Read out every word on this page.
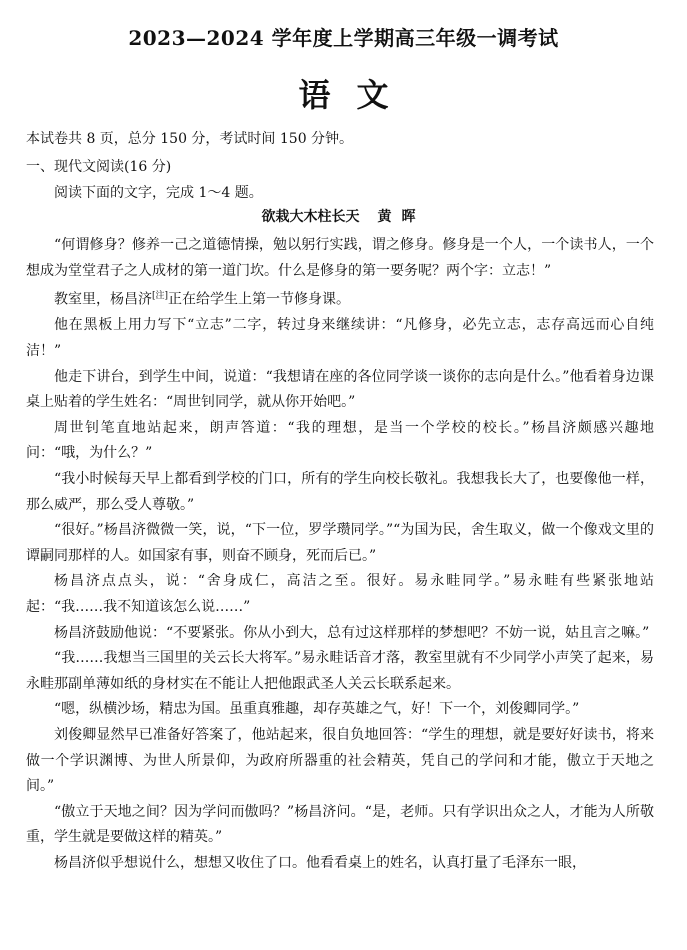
2023—2024 学年度上学期高三年级一调考试
语文
本试卷共 8 页，总分 150 分，考试时间 150 分钟。
一、现代文阅读(16 分)
阅读下面的文字，完成 1～4 题。
欲栽大木柱长天 黄晖

“何谓修身？修养一己之道德情操，勉以躬行实践，谓之修身。修身是一个人，一个读书人，一个想成为堂堂君子之人成材的第一道门坎。什么是修身的第一要务呢？两个字：立志！”

教室里，杨昌济[注]正在给学生上第一节修身课。

他在黑板上用力写下“立志”二字，转过身来继续讲：“凡修身，必先立志，志存高远而心自纯洁！”

他走下讲台，到学生中间，说道：“我想请在座的各位同学谈一谈你的志向是什么。”他看着身边课桌上贴着的学生姓名：“周世钊同学，就从你开始吧。”

周世钊笔直地站起来，朗声答道：“我的理想，是当一个学校的校长。”杨昌济颇感兴趣地问：“哦，为什么？”

“我小时候每天早上都看到学校的门口，所有的学生向校长敬礼。我想我长大了，也要像他一样，那么威严，那么受人尊敬。”

“很好。”杨昌济微微一笑，说，“下一位，罗学瓒同学。”“为国为民，舍生取义，做一个像戏文里的谭嗣同那样的人。如国家有事，则奋不顾身，死而后已。”

杨昌济点点头，说：“舍身成仁，高洁之至。很好。易永畦同学。”易永畦有些紧张地站起：“我……我不知道该怎么说……”

杨昌济鼓励他说：“不要紧张。你从小到大，总有过这样那样的梦想吧？不妨一说，姑且言之嘛。”

“我……我想当三国里的关云长大将军。”易永畦话音才落，教室里就有不少同学小声笑了起来，易永畦那副单薄如纸的身材实在不能让人把他跟武圣人关云长联系起来。

“嗯，纵横沙场，精忠为国。虽重真雅趣，却存英雄之气，好！下一个，刘俊卿同学。”

刘俊卿显然早已准备好答案了，他站起来，很自负地回答：“学生的理想，就是要好好读书，将来做一个学识渊博、为世人所景仰，为政府所器重的社会精英，凭自己的学问和才能，傲立于天地之间。”

“傲立于天地之间？因为学问而傲吗？”杨昌济问。“是，老师。只有学识出众之人，才能为人所敬重，学生就是要做这样的精英。”

杨昌济似乎想说什么，想想又收住了口。他看看桌上的姓名，认真打量了毛泽东一眼，
